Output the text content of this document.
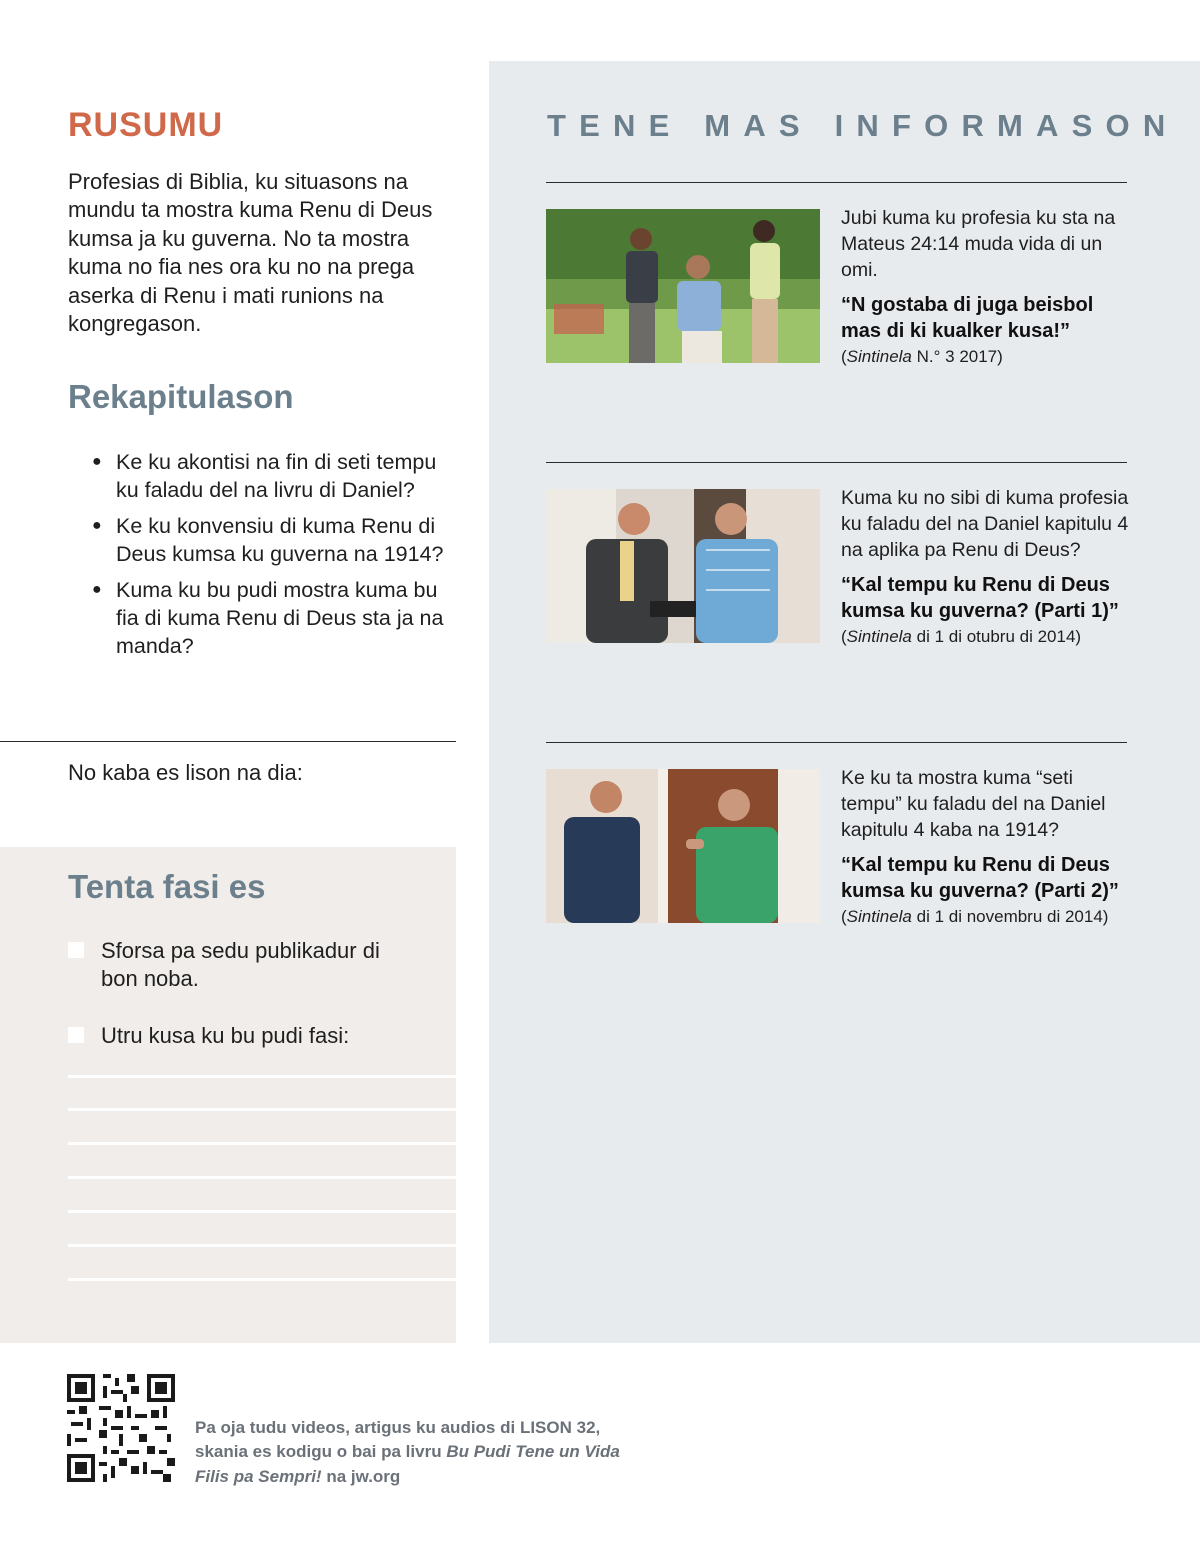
RUSUMU

Profesias di Biblia, ku situasons na mundu ta mostra kuma Renu di Deus kumsa ja ku guverna. No ta mostra kuma no fia nes ora ku no na prega aserka di Renu i mati runions na kongregason.

Rekapitulason
● Ke ku akontisi na fin di seti tempu ku faladu del na livru di Daniel?
● Ke ku konvensiu di kuma Renu di Deus kumsa ku guverna na 1914?
● Kuma ku bu pudi mostra kuma bu fia di kuma Renu di Deus sta ja na manda?
No kaba es lison na dia:
Tenta fasi es
Sforsa pa sedu publikadur di bon noba.
Utru kusa ku bu pudi fasi:
TENE MAS INFORMASON

Jubi kuma ku profesia ku sta na Mateus 24:14 muda vida di un omi.

“N gostaba di juga beisbol mas di ki kualker kusa!”

(Sintinela N.° 3 2017)

Kuma ku no sibi di kuma profesia ku faladu del na Daniel kapitulu 4 na aplika pa Renu di Deus?

“Kal tempu ku Renu di Deus kumsa ku guverna? (Parti 1)”

(Sintinela di 1 di otubru di 2014)

Ke ku ta mostra kuma “seti tempu” ku faladu del na Daniel kapitulu 4 kaba na 1914?

“Kal tempu ku Renu di Deus kumsa ku guverna? (Parti 2)”

(Sintinela di 1 di novembru di 2014)

Pa oja tudu videos, artigus ku audios di LISON 32, skania es kodigu o bai pa livru Bu Pudi Tene un Vida Filis pa Sempri! na jw.org
